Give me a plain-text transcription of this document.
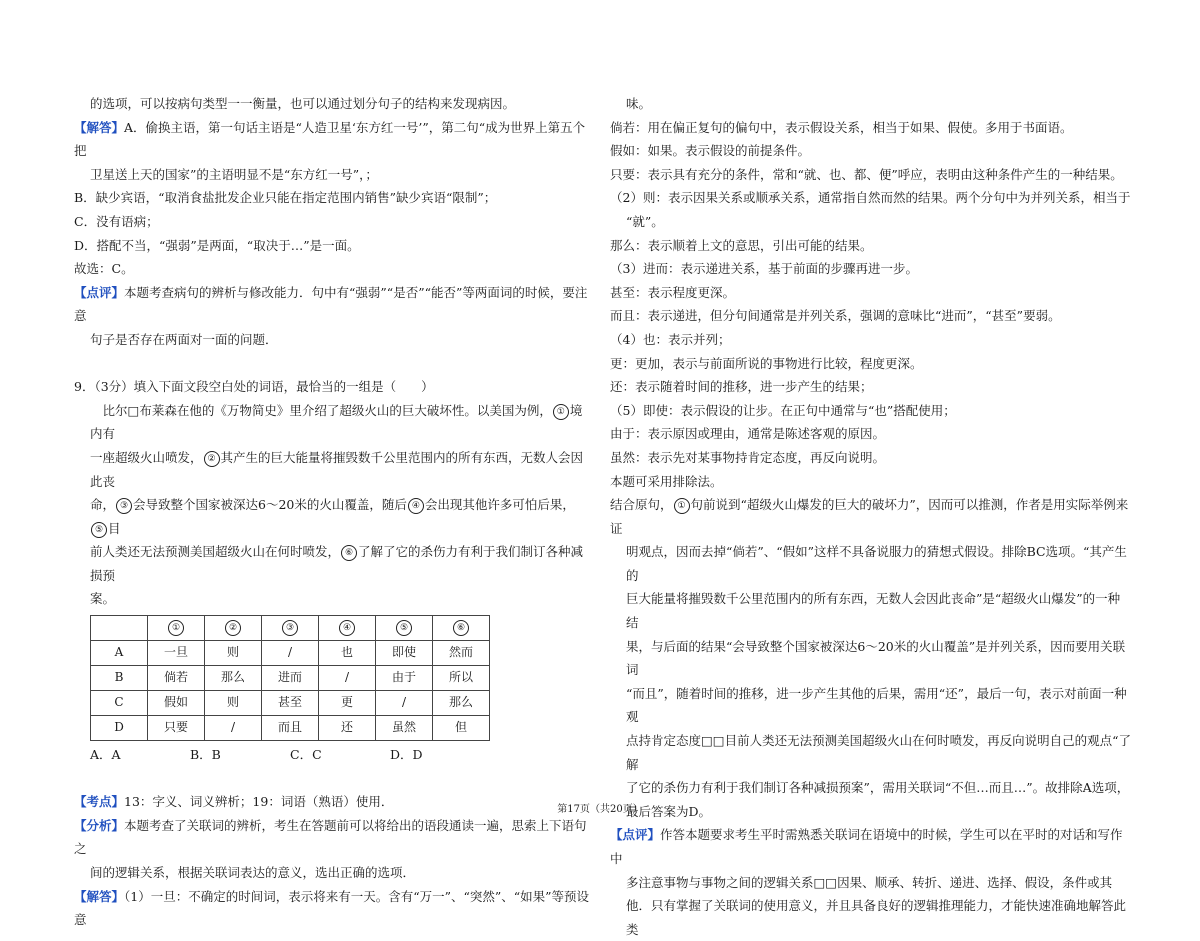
的选项，可以按病句类型一一衡量，也可以通过划分句子的结构来发现病因。

【解答】A．偷换主语，第一句话主语是“人造卫星‘东方红一号’”，第二句“成为世界上第五个把

卫星送上天的国家”的主语明显不是“东方红一号”，；

B．缺少宾语，“取消食盐批发企业只能在指定范围内销售”缺少宾语“限制”；

C．没有语病；

D．搭配不当，“强弱”是两面，“取决于…”是一面。

故选：C。

【点评】本题考查病句的辨析与修改能力．句中有“强弱”“是否”“能否”等两面词的时候，要注意

句子是否存在两面对一面的问题．

9．（3分）填入下面文段空白处的词语，最恰当的一组是（　　）

　比尔□布莱森在他的《万物简史》里介绍了超级火山的巨大破坏性。以美国为例， ① 境内有

一座超级火山喷发， ② 其产生的巨大能量将摧毁数千公里范围内的所有东西，无数人会因此丧

命， ③ 会导致整个国家被深达6～20米的火山覆盖，随后 ④ 会出现其他许多可怕后果，⑤ 目

前人类还无法预测美国超级火山在何时喷发， ⑥ 了解了它的杀伤力有利于我们制订各种减损预

案。

	①	②	③	④	⑤	⑥
A	一旦	则	/	也	即使	然而
B	倘若	那么	进而	/	由于	所以
C	假如	则	甚至	更	/	那么
D	只要	/	而且	还	虽然	但
A．A	B．B	C．C	D．D

【考点】13：字义、词义辨析；19：词语（熟语）使用．

【分析】本题考查了关联词的辨析，考生在答题前可以将给出的语段通读一遍，思索上下语句之

间的逻辑关系，根据关联词表达的意义，选出正确的选项．

【解答】（1）一旦：不确定的时间词，表示将来有一天。含有“万一”、“突然”、“如果”等预设意

味。

倘若：用在偏正复句的偏句中，表示假设关系，相当于如果、假使。多用于书面语。

假如：如果。表示假设的前提条件。

只要：表示具有充分的条件，常和“就、也、都、便”呼应，表明由这种条件产生的一种结果。

（2）则：表示因果关系或顺承关系，通常指自然而然的结果。两个分句中为并列关系，相当于

“就”。

那么：表示顺着上文的意思，引出可能的结果。

（3）进而：表示递进关系，基于前面的步骤再进一步。

甚至：表示程度更深。

而且：表示递进，但分句间通常是并列关系，强调的意味比“进而”，“甚至”要弱。

（4）也：表示并列；

更：更加，表示与前面所说的事物进行比较，程度更深。

还：表示随着时间的推移，进一步产生的结果；

（5）即使：表示假设的让步。在正句中通常与“也”搭配使用；

由于：表示原因或理由，通常是陈述客观的原因。

虽然：表示先对某事物持肯定态度，再反向说明。

本题可采用排除法。

结合原句， ① 句前说到“超级火山爆发的巨大的破坏力”，因而可以推测，作者是用实际举例来证

明观点，因而去掉“倘若”、“假如”这样不具备说服力的猜想式假设。排除BC选项。“其产生的

巨大能量将摧毁数千公里范围内的所有东西，无数人会因此丧命”是“超级火山爆发”的一种结

果，与后面的结果“会导致整个国家被深达6～20米的火山覆盖”是并列关系，因而要用关联词

“而且”，随着时间的推移，进一步产生其他的后果，需用“还”，最后一句，表示对前面一种观

点持肯定态度□□目前人类还无法预测美国超级火山在何时喷发，再反向说明自己的观点“了解

了它的杀伤力有利于我们制订各种减损预案”，需用关联词“不但…而且…”。故排除A选项，

最后答案为D。

【点评】作答本题要求考生平时需熟悉关联词在语境中的时候，学生可以在平时的对话和写作中

多注意事物与事物之间的逻辑关系□□因果、顺承、转折、递进、选择、假设，条件或其

他．只有掌握了关联词的使用意义，并且具备良好的逻辑推理能力，才能快速准确地解答此类

第17页（共20页）
